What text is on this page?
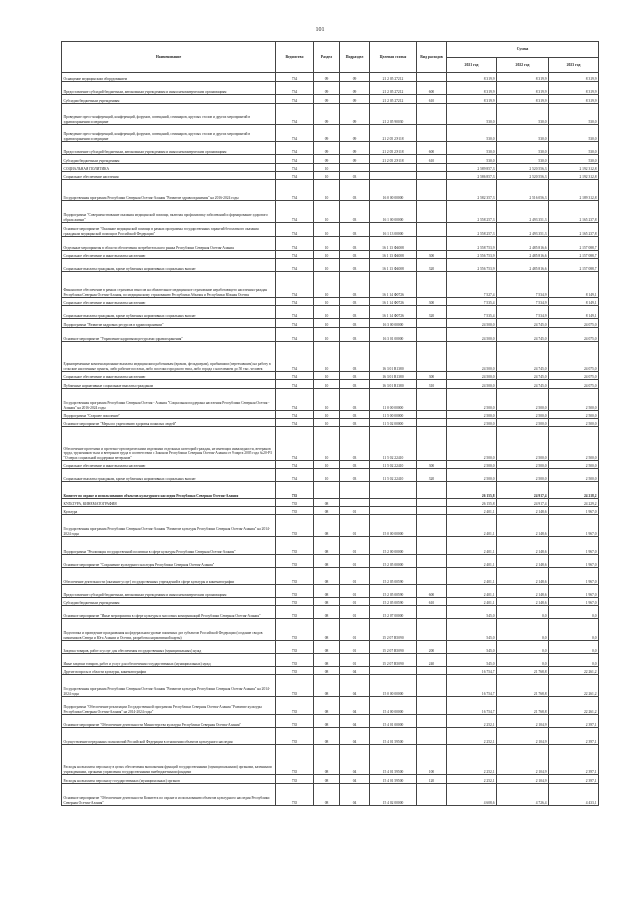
101
Наименование	Ведомство	Раздел	Подраздел	Целевая статья	Вид расходов	Сумма		
						2021 год	2022 год	2023 год
Оснащение медицинским оборудованием	734	09	09	21 2 05 27212		8 319,9	8 319,9	8 319,9
Предоставление субсидий бюджетным, автономным учреждениям и иным некоммерческим организациям	734	09	09	21 2 05 27212	600	8 319,9	8 319,9	8 319,9
Субсидии бюджетным учреждениям	734	09	09	21 2 05 27212	610	8 319,9	8 319,9	8 319,9
Проведение пресс-конференций, конференций, форумов, совещаний, семинаров, круглых столов и других мероприятий в здравоохранении и медицине	734	09	09	21 2 05 90030		530,0	530,0	530,0
Проведение пресс-конференций, конференций, форумов, совещаний, семинаров, круглых столов и других мероприятий в здравоохранении и медицине	734	09	09	21 2 05 2Э118		530,0	530,0	530,0
Предоставление субсидий бюджетным, автономным учреждениям и иным некоммерческим организациям	734	09	09	21 2 05 2Э118	600	530,0	530,0	530,0
Субсидии бюджетным учреждениям	734	09	09	21 2 05 2Э118	610	530,0	530,0	530,0
СОЦИАЛЬНАЯ ПОЛИТИКА	734	10				2 589 857,3	2 520 556,3	2 192 312,8
Социальное обеспечение населения	734	10	03			2 586 857,3	2 520 556,3	2 192 312,8
Государственная программа Республики Северная Осетия-Алания "Развитие здравоохранения" на 2016-2024 годы	734	10	03	16 0 00 00000		2 582 357,3	2 516 056,3	2 189 312,8
Подпрограмма "Совершенствование оказания медицинской помощи, включая профилактику заболеваний и формирование здорового образа жизни"	734	10	03	16 1 00 00000		2 558 257,3	2 493 351,3	2 165 237,8
Основное мероприятие "Оказание медицинской помощи в рамках программы государственных гарантий бесплатного оказания гражданам медицинской помощи в Российской Федерации"	734	10	03	16 1 13 00000		2 558 257,3	2 493 351,3	2 165 237,8
Отдельные мероприятия в области обеспечения потребительского рынка Республики Северная Осетия-Алания	734	10	03	16 1 13 Ф4008		2 558 753,9	2 485 816,6	2 157 088,7
Социальное обеспечение и иные выплаты населению	734	10	03	16 1 13 Ф4008	300	2 556 753,9	2 485 816,6	2 157 088,7
Социальные выплаты гражданам, кроме публичных нормативных социальных выплат	734	10	03	16 1 13 Ф4008	320	2 556 753,9	2 485 816,6	2 157 088,7
Финансовое обеспечение в рамках страховых взносов на обязательное медицинское страхование неработающего населения граждан Республики Северная Осетия-Алания, по медицинскому страхованию Республики Абхазия и Республики Южная Осетия	734	10	03	16 1 14 Ф0726		7 527,4	7 534,9	8 149,1
Социальное обеспечение и иные выплаты населению	734	10	03	16 1 14 Ф0726	300	7 535,4	7 534,9	8 149,1
Социальные выплаты гражданам, кроме публичных нормативных социальных выплат	734	10	03	16 1 14 Ф0726	320	7 535,4	7 534,9	8 149,1
Подпрограмма "Развитие кадровых ресурсов в здравоохранении"	734	10	03	16 3 00 00000		24 500,0	24 745,0	24 075,0
Основное мероприятие "Управление кадровыми ресурсами здравоохранения"	734	10	03	16 3 01 00000		24 500,0	24 745,0	24 075,0
Единовременные компенсационные выплаты медицинским работникам (врачам, фельдшерам), прибывшим (переехавшим) на работу в сельские населенные пункты, либо рабочие поселки, либо поселки городского типа, либо города с населением до 50 тыс. человек	734	10	03	16 3 01 R1380		24 500,0	24 745,0	24 075,0
Социальное обеспечение и иные выплаты населению	734	10	03	16 3 01 R1380	300	24 500,0	24 745,0	24 075,0
Публичные нормативные социальные выплаты гражданам	734	10	03	16 3 01 R1380	310	24 500,0	24 745,0	24 075,0
Государственная программа Республики Северная Осетия - Алания "Социальная поддержка населения Республики Северная Осетия - Алания" на 2016-2024 годы	734	10	03	11 0 00 00000		2 500,0	2 500,0	2 500,0
Подпрограмма "Старшее поколение"	734	10	03	11 5 00 00000		2 500,0	2 500,0	2 500,0
Основное мероприятие "Меры по укреплению здоровья пожилых людей"	734	10	03	11 5 02 00000		2 500,0	2 500,0	2 500,0
Обеспечение протезами и протезно-ортопедическими изделиями отдельных категорий граждан, не имеющих инвалидности, ветеранов труда, тружеников тыла и ветеранов труда в соответствии с Законом Республики Северная Осетия-Алания от 9 марта 2005 года №20-РЗ "О мерах социальной поддержки ветеранов"	734	10	03	11 5 02 22410		2 500,0	2 500,0	2 500,0
Социальное обеспечение и иные выплаты населению	734	10	03	11 5 02 22410	300	2 500,0	2 500,0	2 500,0
Социальные выплаты гражданам, кроме публичных нормативных социальных выплат	734	10	03	11 5 02 22410	320	2 500,0	2 500,0	2 500,0
Комитет по охране и использованию объектов культурного наследия Республики Северная Осетия-Алания	735					26 155,8	24 917,4	24 218,2
КУЛЬТУРА, КИНЕМАТОГРАФИЯ	735	08				26 155,8	24 917,4	24 229,2
Культура	735	08	01			2 401,1	2 148,6	1 967,0
Государственная программа Республики Северная Осетия-Алания "Развитие культуры Республики Северная Осетия-Алания" на 2014-2024 годы	735	08	01	15 0 00 00000		2 401,1	2 148,6	1 967,0
Подпрограмма "Реализация государственной политики в сфере культуры Республики Северная Осетия-Алания"	735	08	01	15 2 00 00000		2 401,1	2 148,6	1 967,0
Основное мероприятие "Сохранение культурного наследия Республики Северная Осетия-Алания"	735	08	01	15 2 05 00000		2 401,1	2 148,6	1 967,0
Обеспечение деятельности (оказание услуг) государственных учреждений в сфере культуры и кинематографии	735	08	01	15 2 05 00590		2 401,1	2 148,6	1 967,0
Предоставление субсидий бюджетным, автономным учреждениям и иным некоммерческим организациям	735	08	01	15 2 05 00590	600	2 401,1	2 148,6	1 967,0
Субсидии бюджетным учреждениям	735	08	01	15 2 05 00590	610	2 401,1	2 148,6	1 967,0
Основное мероприятие "Иные мероприятия в сфере культуры и массовых коммуникаций Республики Северная Осетия-Алания"	735	08	01	15 2 07 00000		545,0	0,0	0,0
Подготовка и проведение празднования на федеральном уровне памятных дат субъектов Российской Федерации (создание сводов памятников Севера и Юга Алании и Осетии, разработка нормативной карты)	735	08	01	15 2 07 R5090		545,0	0,0	0,0
Закупка товаров, работ и услуг для обеспечения государственных (муниципальных) нужд	735	08	01	15 2 07 R5090	200	545,0	0,0	0,0
Иные закупки товаров, работ и услуг для обеспечения государственных (муниципальных) нужд	735	08	01	15 2 07 R5090	240	545,0	0,0	0,0
Другие вопросы в области культуры, кинематографии	735	08	04			16 754,7	21 768,8	22 261,2
Государственная программа Республики Северная Осетия-Алания "Развитие культуры Республики Северная Осетия-Алания" на 2014-2024 годы	735	08	04	15 0 00 00000		16 754,7	21 768,8	22 261,2
Подпрограмма "Обеспечение реализации Государственной программы Республики Северная Осетия-Алания "Развитие культуры Республики Северная Осетия-Алания" на 2014-2024 годы"	735	08	04	15 4 00 00000		16 754,7	21 768,8	22 261,2
Основное мероприятие "Обеспечение деятельности Министерства культуры Республики Северная Осетия-Алания"	735	08	04	15 4 01 00000		2 252,1	2 104,9	2 397,1
Осуществление переданных полномочий Российской Федерации в отношении объектов культурного наследия	735	08	04	15 4 01 59500		2 252,1	2 104,9	2 397,1
Расходы на выплаты персоналу в целях обеспечения выполнения функций государственными (муниципальными) органами, казенными учреждениями, органами управления государственными внебюджетными фондами	735	08	04	15 4 01 59500	100	2 252,1	2 104,9	2 397,1
Расходы на выплаты персоналу государственных (муниципальных) органов	735	08	04	15 4 01 59500	120	2 252,1	2 104,9	2 397,1
Основное мероприятие "Обеспечение деятельности Комитета по охране и использованию объектов культурного наследия Республики Северная Осетия-Алания"	735	08	04	15 4 02 00000		4 608,6	4 726,4	4 433,1
